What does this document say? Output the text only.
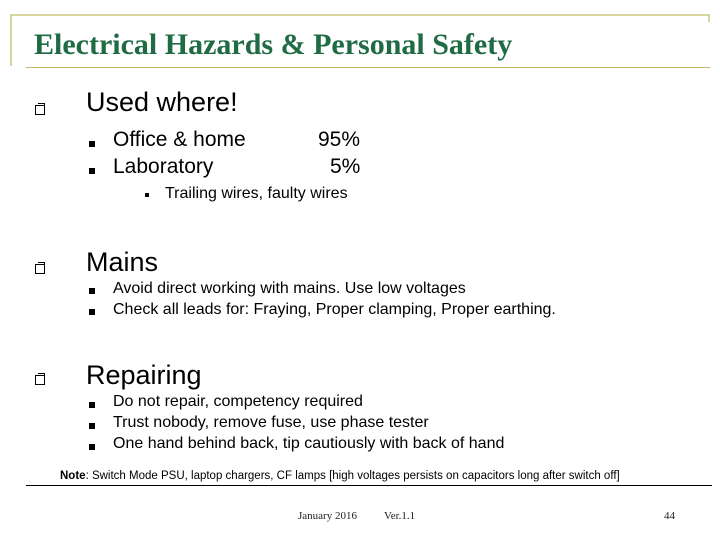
Electrical Hazards & Personal Safety
Used where!
Office & home	95%
Laboratory	5%
Trailing wires, faulty wires
Mains
Avoid direct working with mains. Use low voltages
Check all leads for: Fraying, Proper clamping, Proper earthing.
Repairing
Do not repair, competency required
Trust nobody, remove fuse, use phase tester
One hand behind back, tip cautiously with back of hand
Note: Switch Mode PSU, laptop chargers, CF lamps [high voltages persists on capacitors long after switch off]
January 2016 Ver.1.1	44
